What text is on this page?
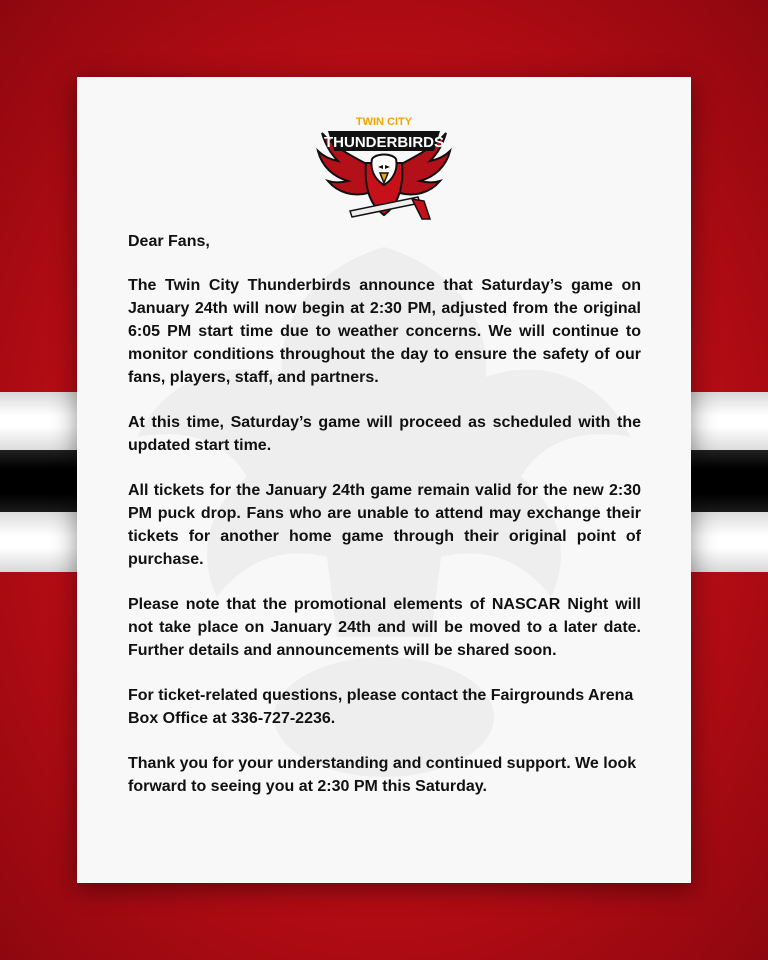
TWIN CITY
THUNDERBIRDS

Dear Fans,

The Twin City Thunderbirds announce that Saturday’s game on January 24th will now begin at 2:30 PM, adjusted from the original 6:05 PM start time due to weather concerns. We will continue to monitor conditions throughout the day to ensure the safety of our fans, players, staff, and partners.

At this time, Saturday’s game will proceed as scheduled with the updated start time.

All tickets for the January 24th game remain valid for the new 2:30 PM puck drop. Fans who are unable to attend may exchange their tickets for another home game through their original point of purchase.

Please note that the promotional elements of NASCAR Night will not take place on January 24th and will be moved to a later date. Further details and announcements will be shared soon.

For ticket-related questions, please contact the Fairgrounds Arena Box Office at 336-727-2236.

Thank you for your understanding and continued support. We look forward to seeing you at 2:30 PM this Saturday.
